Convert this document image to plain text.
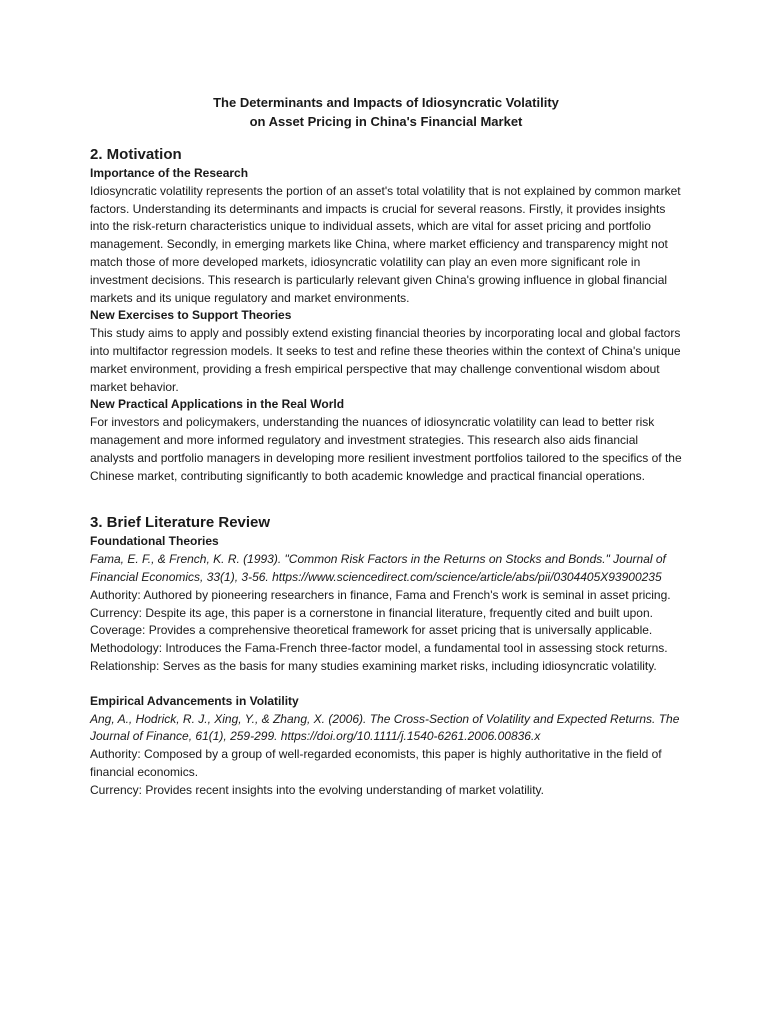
The Determinants and Impacts of Idiosyncratic Volatility
on Asset Pricing in China's Financial Market
2. Motivation
Importance of the Research

Idiosyncratic volatility represents the portion of an asset's total volatility that is not explained by common market factors. Understanding its determinants and impacts is crucial for several reasons. Firstly, it provides insights into the risk-return characteristics unique to individual assets, which are vital for asset pricing and portfolio management. Secondly, in emerging markets like China, where market efficiency and transparency might not match those of more developed markets, idiosyncratic volatility can play an even more significant role in investment decisions. This research is particularly relevant given China's growing influence in global financial markets and its unique regulatory and market environments.

New Exercises to Support Theories

This study aims to apply and possibly extend existing financial theories by incorporating local and global factors into multifactor regression models. It seeks to test and refine these theories within the context of China's unique market environment, providing a fresh empirical perspective that may challenge conventional wisdom about market behavior.

New Practical Applications in the Real World

For investors and policymakers, understanding the nuances of idiosyncratic volatility can lead to better risk management and more informed regulatory and investment strategies. This research also aids financial analysts and portfolio managers in developing more resilient investment portfolios tailored to the specifics of the Chinese market, contributing significantly to both academic knowledge and practical financial operations.

3. Brief Literature Review
Foundational Theories

Fama, E. F., & French, K. R. (1993). "Common Risk Factors in the Returns on Stocks and Bonds." Journal of Financial Economics, 33(1), 3-56. https://www.sciencedirect.com/science/article/abs/pii/0304405X93900235

Authority: Authored by pioneering researchers in finance, Fama and French's work is seminal in asset pricing.

Currency: Despite its age, this paper is a cornerstone in financial literature, frequently cited and built upon.

Coverage: Provides a comprehensive theoretical framework for asset pricing that is universally applicable.

Methodology: Introduces the Fama-French three-factor model, a fundamental tool in assessing stock returns.

Relationship: Serves as the basis for many studies examining market risks, including idiosyncratic volatility.

Empirical Advancements in Volatility

Ang, A., Hodrick, R. J., Xing, Y., & Zhang, X. (2006). The Cross-Section of Volatility and Expected Returns. The Journal of Finance, 61(1), 259-299. https://doi.org/10.1111/j.1540-6261.2006.00836.x

Authority: Composed by a group of well-regarded economists, this paper is highly authoritative in the field of financial economics.

Currency: Provides recent insights into the evolving understanding of market volatility.
